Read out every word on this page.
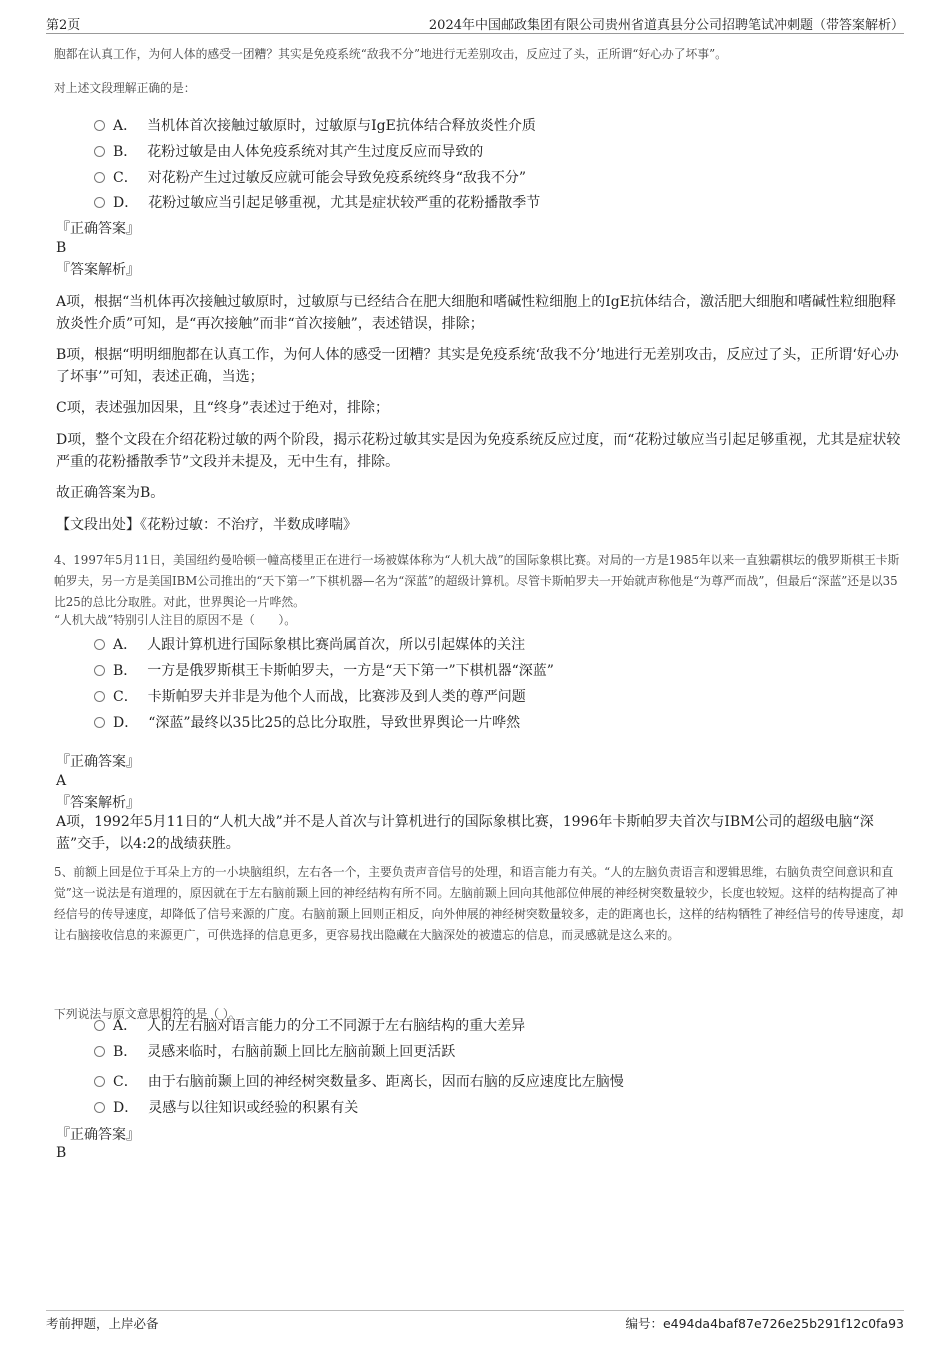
第2页	2024年中国邮政集团有限公司贵州省道真县分公司招聘笔试冲刺题（带答案解析）
胞都在认真工作，为何人体的感受一团糟？其实是免疫系统“敌我不分”地进行无差别攻击，反应过了头，正所谓“好心办了坏事”。
对上述文段理解正确的是：
A． 当机体首次接触过敏原时，过敏原与IgE抗体结合释放炎性介质
B． 花粉过敏是由人体免疫系统对其产生过度反应而导致的
C． 对花粉产生过过敏反应就可能会导致免疫系统终身“敌我不分”
D． 花粉过敏应当引起足够重视，尤其是症状较严重的花粉播散季节
『正确答案』
B
『答案解析』
A项，根据“当机体再次接触过敏原时，过敏原与已经结合在肥大细胞和嗜碱性粒细胞上的IgE抗体结合，激活肥大细胞和嗜碱性粒细胞释放炎性介质”可知，是“再次接触”而非“首次接触”，表述错误，排除；
B项，根据“明明细胞都在认真工作，为何人体的感受一团糟？其实是免疫系统‘敌我不分’地进行无差别攻击，反应过了头，正所谓‘好心办了坏事’”可知，表述正确，当选；
C项，表述强加因果，且“终身”表述过于绝对，排除；
D项，整个文段在介绍花粉过敏的两个阶段，揭示花粉过敏其实是因为免疫系统反应过度，而“花粉过敏应当引起足够重视，尤其是症状较严重的花粉播散季节”文段并未提及，无中生有，排除。
故正确答案为B。
【文段出处】《花粉过敏：不治疗，半数成哮喘》
4、1997年5月11日，美国纽约曼哈顿一幢高楼里正在进行一场被媒体称为“人机大战”的国际象棋比赛。对局的一方是1985年以来一直独霸棋坛的俄罗斯棋王卡斯帕罗夫，另一方是美国IBM公司推出的“天下第一”下棋机器—名为“深蓝”的超级计算机。尽管卡斯帕罗夫一开始就声称他是“为尊严而战”，但最后“深蓝”还是以35比25的总比分取胜。对此，世界舆论一片哗然。
“人机大战”特别引人注目的原因不是（　　）。
A． 人跟计算机进行国际象棋比赛尚属首次，所以引起媒体的关注
B． 一方是俄罗斯棋王卡斯帕罗夫，一方是“天下第一”下棋机器“深蓝”
C． 卡斯帕罗夫并非是为他个人而战，比赛涉及到人类的尊严问题
D． “深蓝”最终以35比25的总比分取胜，导致世界舆论一片哗然
『正确答案』
A
『答案解析』
A项，1992年5月11日的“人机大战”并不是人首次与计算机进行的国际象棋比赛，1996年卡斯帕罗夫首次与IBM公司的超级电脑“深蓝”交手，以4:2的战绩获胜。
5、前额上回是位于耳朵上方的一小块脑组织，左右各一个，主要负责声音信号的处理，和语言能力有关。“人的左脑负责语言和逻辑思维，右脑负责空间意识和直觉”这一说法是有道理的，原因就在于左右脑前颞上回的神经结构有所不同。左脑前颞上回向其他部位伸展的神经树突数量较少，长度也较短。这样的结构提高了神经信号的传导速度，却降低了信号来源的广度。右脑前颞上回则正相反，向外伸展的神经树突数量较多，走的距离也长，这样的结构牺牲了神经信号的传导速度，却让右脑接收信息的来源更广，可供选择的信息更多，更容易找出隐藏在大脑深处的被遗忘的信息，而灵感就是这么来的。
下列说法与原文意思相符的是（ ）。
A． 人的左右脑对语言能力的分工不同源于左右脑结构的重大差异
B． 灵感来临时，右脑前颞上回比左脑前颞上回更活跃
C． 由于右脑前颞上回的神经树突数量多、距离长，因而右脑的反应速度比左脑慢
D． 灵感与以往知识或经验的积累有关
『正确答案』
B
考前押题，上岸必备	编号：e494da4baf87e726e25b291f12c0fa93
